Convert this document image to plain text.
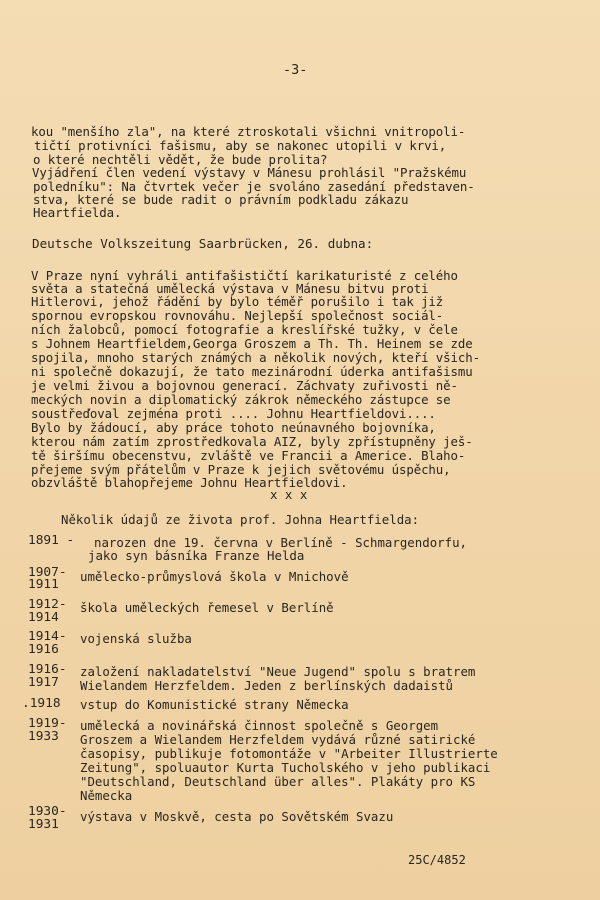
-3-
kou "menšího zla", na které ztroskotali všichni vnitropoli-
tičtí protivníci fašismu, aby se nakonec utopili v krvi,
o které nechtěli vědět, že bude prolita?
Vyjádření člen vedení výstavy v Mánesu prohlásil "Pražskému
poledníku": Na čtvrtek večer je svoláno zasedání představen-
stva, které se bude radit o právním podkladu zákazu
Heartfielda.
Deutsche Volkszeitung Saarbrücken, 26. dubna:
V Praze nyní vyhráli antifašističtí karikaturisté z celého
světa a statečná umělecká výstava v Mánesu bitvu proti
Hitlerovi, jehož řádění by bylo téměř porušilo i tak již
spornou evropskou rovnováhu. Nejlepší společnost sociál-
ních žalobců, pomocí fotografie a kreslířské tužky, v čele
s Johnem Heartfieldem,Georga Groszem a Th. Th. Heinem se zde
spojila, mnoho starých známých a několik nových, kteří všich-
ni společně dokazují, že tato mezinárodní úderka antifašismu
je velmi živou a bojovnou generací. Záchvaty zuřivosti ně-
meckých novin a diplomatický zákrok německého zástupce se
soustřeďoval zejména proti .... Johnu Heartfieldovi....
Bylo by žádoucí, aby práce tohoto neúnavného bojovníka,
kterou nám zatím zprostředkovala AIZ, byly zpřístupněny ješ-
tě širšímu obecenstvu, zvláště ve Francii a Americe. Blaho-
přejeme svým přátelům v Praze k jejich světovému úspěchu,
obzvláště blahopřejeme Johnu Heartfieldovi.
x x x
Několik údajů ze života prof. Johna Heartfielda:
1891 - narozen dne 19. června v Berlíně - Schmargendorfu,
jako syn básníka Franze Helda
1907-
1911
umělecko-průmyslová škola v Mnichově
1912-
1914
škola uměleckých řemesel v Berlíně
1914-
1916
vojenská služba
1916-
1917
založení nakladatelství "Neue Jugend" spolu s bratrem
Wielandem Herzfeldem. Jeden z berlínských dadaistů
.1918 vstup do Komunistické strany Německa
1919-
1933
umělecká a novinářská činnost společně s Georgem
Groszem a Wielandem Herzfeldem vydává různé satirické
časopisy, publikuje fotomontáže v "Arbeiter Illustrierte
Zeitung", spoluautor Kurta Tucholského v jeho publikaci
"Deutschland, Deutschland über alles". Plakáty pro KS
Německa
1930-
1931
výstava v Moskvě, cesta po Sovětském Svazu
25C/4852
